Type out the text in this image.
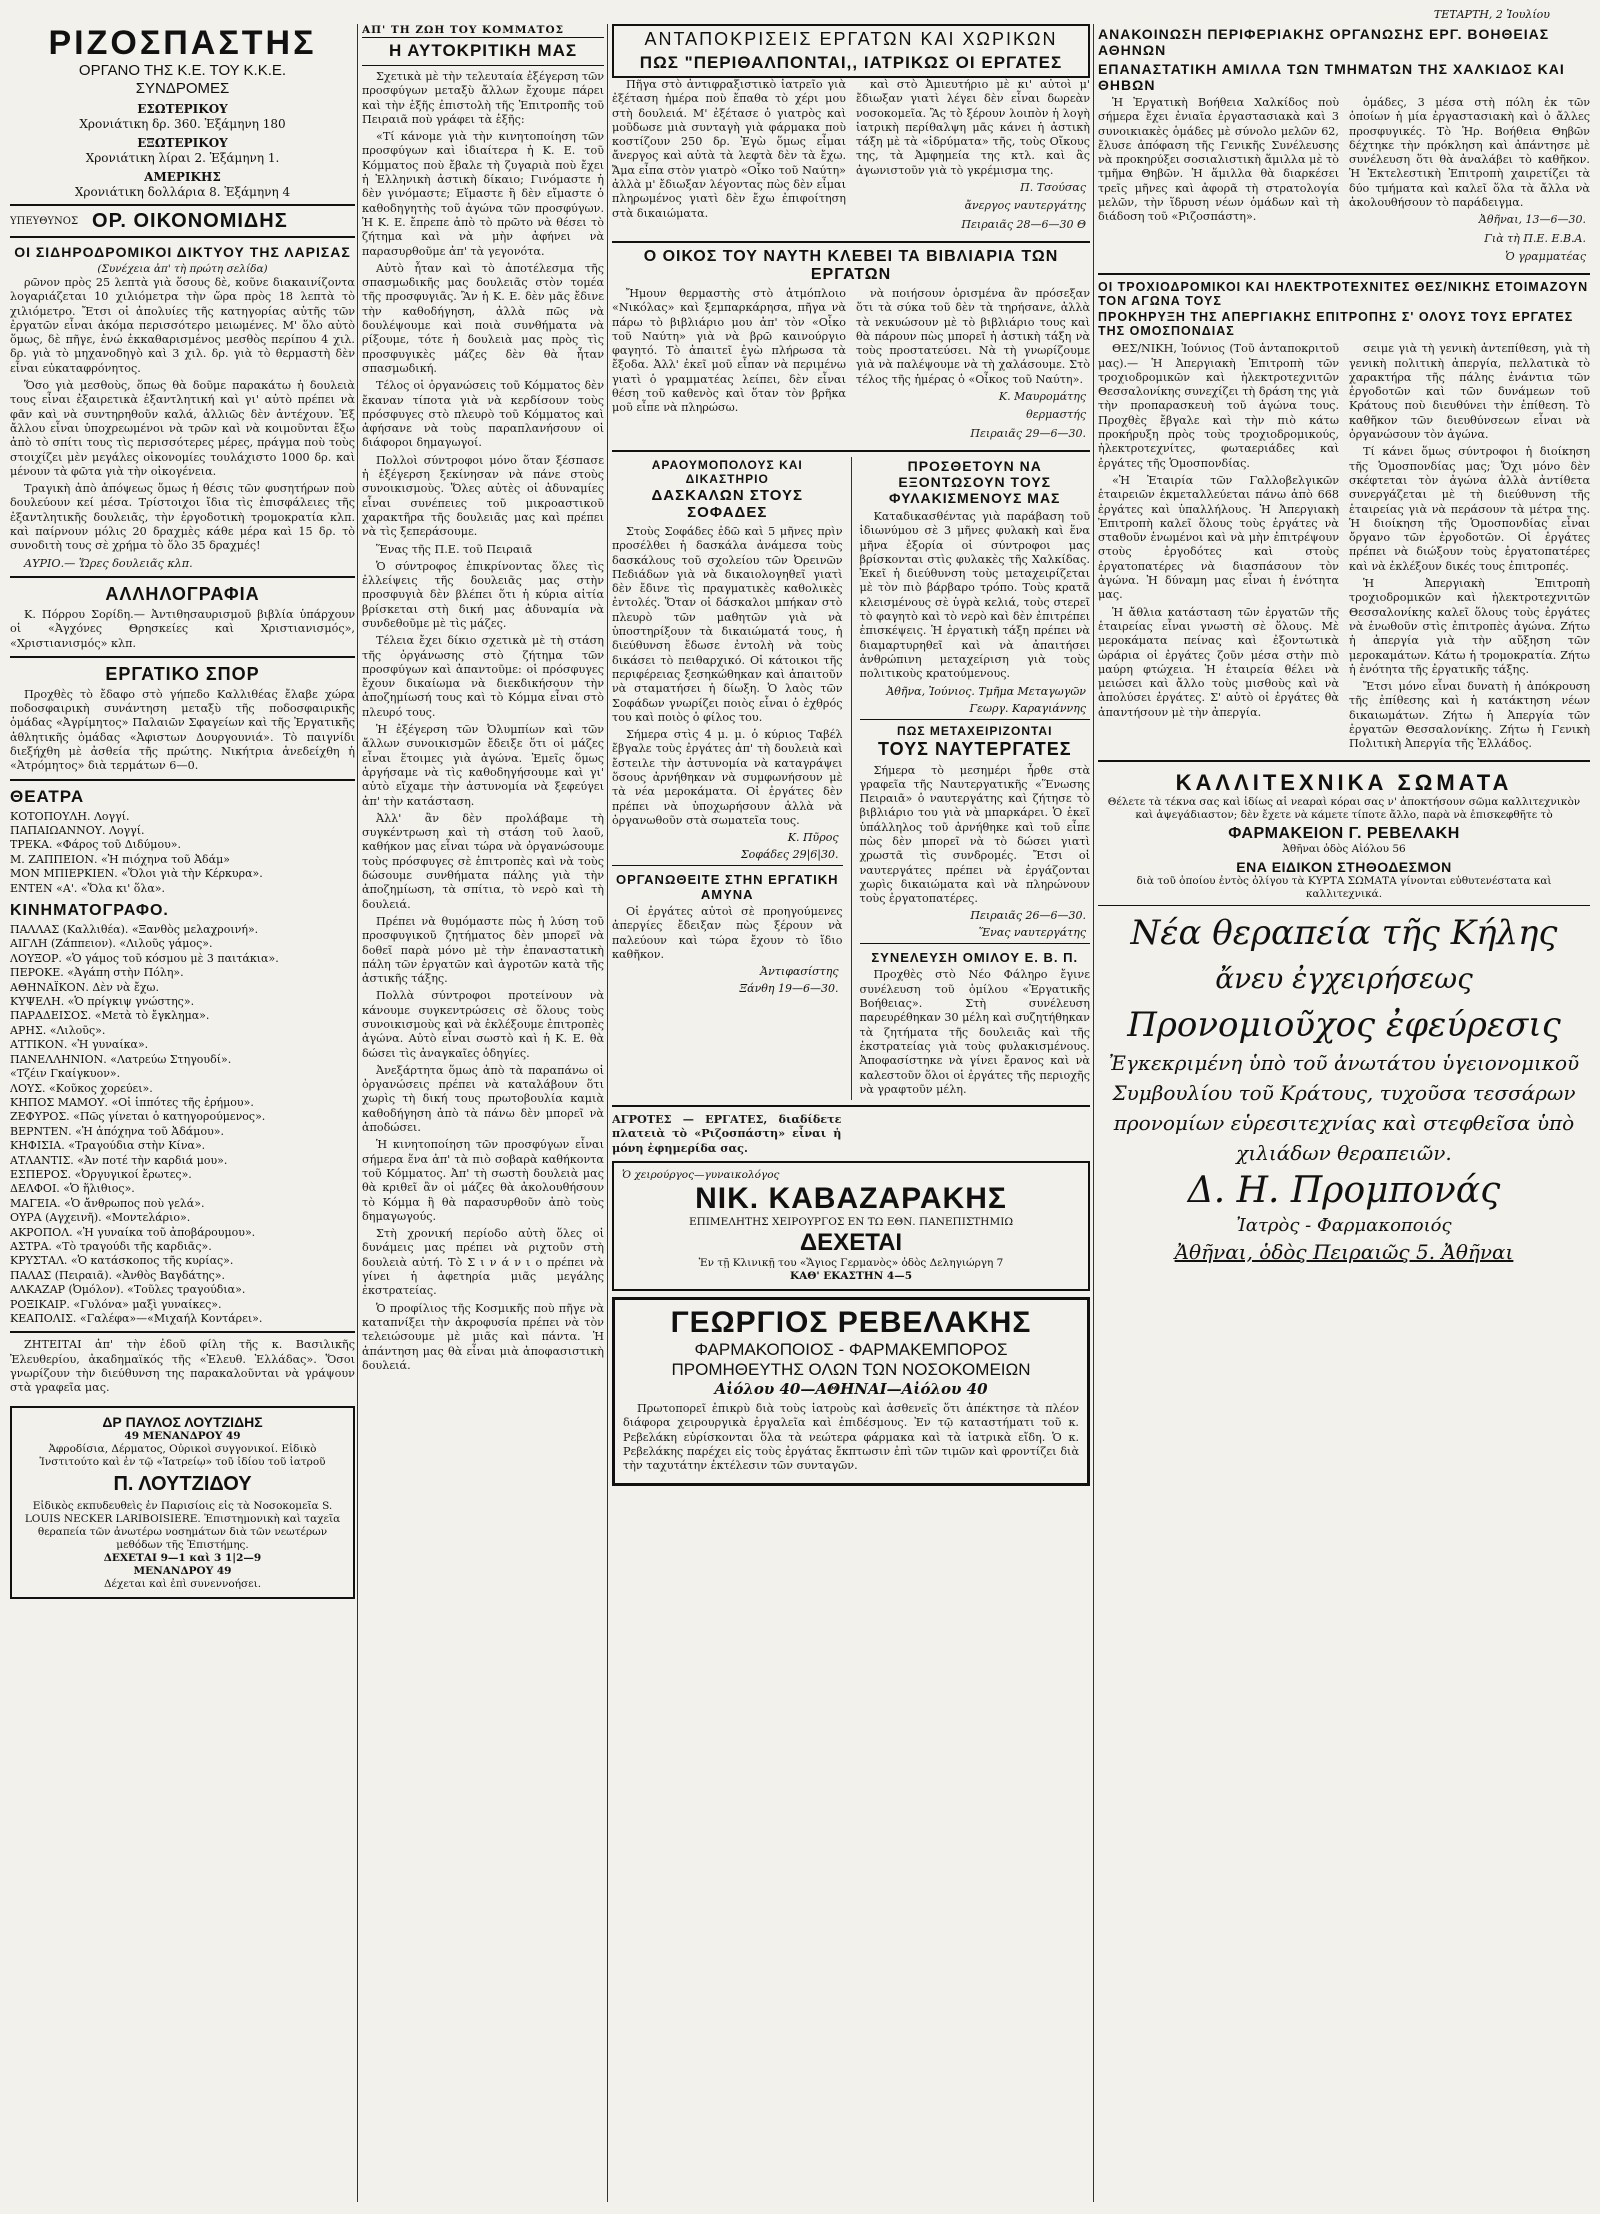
ΤΕΤΑΡΤΗ, 2 Ἰουλίου
ΡΙΖΟΣΠΑΣΤΗΣ
ΟΡΓΑΝΟ ΤΗΣ Κ.Ε. ΤΟΥ Κ.Κ.Ε.
ΣΥΝΔΡΟΜΕΣ
ΕΣΩΤΕΡΙΚΟΥ
Χρονιάτικη δρ. 360. Ἑξάμηνη 180
ΕΞΩΤΕΡΙΚΟΥ
Χρονιάτικη λίραι 2. Ἑξάμηνη 1.
ΑΜΕΡΙΚΗΣ
Χρονιάτικη δολλάρια 8. Ἑξάμηνη 4
ΥΠΕΥΘΥΝΟΣ ΟΡ. ΟΙΚΟΝΟΜΙΔΗΣ
ΟΙ ΣΙΔΗΡΟΔΡΟΜΙΚΟΙ ΔΙΚΤΥΟΥ ΤΗΣ ΛΑΡΙΣΑΣ
(Συνέχεια ἀπ' τὴ πρώτη σελίδα)

ρῶνον πρὸς 25 λεπτὰ γιὰ ὅσους δὲ, κοῦνε διακαινίζοντα λογαριάζεται 10 χιλιόμετρα τὴν ὥρα πρὸς 18 λεπτὰ τὸ χιλιόμετρο. Ἔτσι οἱ ἀπολυίες τῆς κατηγορίας αὐτῆς τῶν ἐργατῶν εἶναι ἀκόμα περισσότερο μειωμένες. Μ' ὅλο αὐτὸ ὅμως, δὲ πῆγε, ἐνώ ἐκκαθαρισμένος μεσθὸς περίπου 4 χιλ. δρ. γιὰ τὸ μηχανοδηγὸ καὶ 3 χιλ. δρ. γιὰ τὸ θερμαστὴ δὲν εἶναι εὐκαταφρόνητος.

Ὅσο γιὰ μεσθοὺς, ὅπως θὰ δοῦμε παρακάτω ἡ δουλειὰ τους εἶναι ἐξαιρετικὰ ἐξαντλητική καὶ γι' αὐτὸ πρέπει νὰ φᾶν καὶ νὰ συντηρηθοῦν καλά, ἀλλιῶς δὲν ἀντέχουν. Ἐξ ἄλλου εἶναι ὑποχρεωμένοι νὰ τρῶν καὶ νὰ κοιμοῦνται ἔξω ἀπὸ τὸ σπίτι τους τὶς περισσότερες μέρες, πράγμα ποὺ τοὺς στοιχίζει μὲν μεγάλες οἰκονομίες τουλάχιστο 1000 δρ. καὶ μένουν τὰ φῶτα γιὰ τὴν οἰκογένεια.

Τραγικὴ ἀπὸ ἀπόψεως ὅμως ἡ θέσις τῶν φυσητήρων ποὺ δουλεύουν κεί μέσα. Τρίστοιχοι ἴδια τὶς ἐπισφάλειες τῆς ἐξαντλητικῆς δουλειᾶς, τὴν ἐργοδοτικὴ τρομοκρατία κλπ. καὶ παίρνουν μόλις 20 δραχμὲς κάθε μέρα καὶ 15 δρ. τὸ συνοδιτὴ τους σὲ χρήμα τὸ ὅλο 35 δραχμές!

ΑΥΡΙΟ.— Ὥρες δουλειᾶς κλπ.

ΑΛΛΗΛΟΓΡΑΦΙΑ

Κ. Πόρρου Σορίδη.— Ἀντιθησαυρισμοῦ βιβλία ὑπάρχουν οἱ «Ἀγχόνες Θρησκείες καὶ Χριστιανισμός», «Χριστιανισμός» κλπ.

ΕΡΓΑΤΙΚΟ ΣΠΟΡ

Προχθὲς τὸ ἔδαφο στὸ γήπεδο Καλλιθέας ἔλαβε χώρα ποδοσφαιρικὴ συνάντηση μεταξὺ τῆς ποδοσφαιρικῆς ὁμάδας «Ἀγρίμητος» Παλαιῶν Σφαγείων καὶ τῆς Ἐργατικῆς ἀθλητικῆς ὁμάδας «Ἀφιστων Δουργουνιά». Τὸ παιγνίδι διεξήχθη μὲ ἀσθεία τῆς πρώτης. Νικήτρια ἀνεδείχθη ἡ «Ἀτρόμητος» διὰ τερμάτων 6—0.

ΘΕΑΤΡΑ
ΚΟΤΟΠΟΥΛΗ. Λογγί.
ΠΑΠΑΙΩΑΝΝΟΥ. Λογγί.
ΤΡΕΚΑ. «Φάρος τοῦ Διδύμου».
Μ. ΖΑΠΠΕΙΟΝ. «Ἡ πιόχηνα τοῦ Ἀδάμ»
ΜΟΝ ΜΠΙΕΡΚΙΕΝ. «Ὅλοι γιὰ τὴν Κέρκυρα».
ΕΝΤΕΝ «Α'. «Ὅλα κι' ὅλα».
ΚΙΝΗΜΑΤΟΓΡΑΦΟ.
ΠΑΛΛΑΣ (Καλλιθέα). «Ξανθὸς μελαχροινή».
ΑΙΓΛΗ (Ζάππειον). «Λιλοῦς γάμος».
ΛΟΥΞΟΡ. «Ὁ γάμος τοῦ κόσμου μὲ 3 παιτάκια».
ΠΕΡΟΚΕ. «Ἀγάπη στὴν Πόλη».
ΑΘΗΝΑΪΚΟΝ. Δὲν νὰ ἔχω.
ΚΥΨΕΛΗ. «Ὁ πρίγκιψ γνώστης».
ΠΑΡΑΔΕΙΣΟΣ. «Μετὰ τὸ ἔγκλημα».
ΑΡΗΣ. «Λιλοῦς».
ΑΤΤΙΚΟΝ. «Ἡ γυναίκα».
ΠΑΝΕΛΛΗΝΙΟΝ. «Λατρεύω Στηγουδί».
«Τζέιν Γκαίγκυον».
ΛΟΥΣ. «Κοῦκος χορεύει».
ΚΗΠΟΣ ΜΑΜΟΥ. «Οἱ ἱππότες τῆς ἐρήμου».
ΖΕΦΥΡΟΣ. «Πῶς γίνεται ὁ κατηγορούμενος».
ΒΕΡΝΤΕΝ. «Ἡ ἀπόχηνα τοῦ Ἀδάμου».
ΚΗΦΙΣΙΑ. «Τραγούδια στὴν Κίνα».
ΑΤΛΑΝΤΙΣ. «Ἀν ποτέ τὴν καρδιά μου».
ΕΣΠΕΡΟΣ. «Ὀργυγικοί ἔρωτες».
ΔΕΛΦΟΙ. «Ὁ ἥλιθιος».
ΜΑΓΕΙΑ. «Ὁ ἄνθρωπος ποὺ γελά».
ΟΥΡΑ (Αγχεινῆ). «Μοντελάριο».
ΑΚΡΟΠΟΛ. «Ἡ γυναίκα τοῦ ἀποβάρουμου».
ΑΣΤΡΑ. «Τὸ τραγούδι τῆς καρδιᾶς».
ΚΡΥΣΤΑΛ. «Ὁ κατάσκοπος τῆς κυρίας».
ΠΑΛΑΣ (Πειραιᾶ). «Ἀνθὸς Βαγδάτης».
ΑΛΚΑΖΑΡ (Ὀμόλον). «Τοῦλες τραγούδια».
ΡΟΞΙΚΑΙΡ. «Γυλόνα» μαξὶ γυναίκες».
ΚΕΑΠΟΛΙΣ. «Γαλέφα»—«Μιχαήλ Κοντάρει».

ΖΗΤΕΙΤΑΙ ἀπ' τὴν ἐδοῦ φίλη τῆς κ. Βασιλικῆς Ἐλευθερίου, ἀκαδημαϊκός τῆς «Ἐλευθ. Ἐλλάδας». Ὅσοι γνωρίζουν τὴν διεύθυνση της παρακαλοῦνται νὰ γράψουν στὰ γραφεῖα μας.

ΔΡ ΠΑΥΛΟΣ ΛΟΥΤΖΙΔΗΣ
49 ΜΕΝΑΝΔΡΟΥ 49
Ἀφροδίσια, Δέρματος, Οὐρικοὶ συγγονικοί. Εἰδικὸ Ἰνστιτούτο καὶ ἐν τῷ «Ἰατρείῳ» τοῦ ἰδίου τοῦ ἰατροῦ
Π. ΛΟΥΤΖΙΔΟΥ
Εἰδικὸς εκπυδευθεὶς ἐν Παρισίοις εἰς τὰ Νοσοκομεῖα S. LOUIS NECKER LARIBOISIERE. Ἐπιστημονικὴ καὶ ταχεῖα θεραπεία τῶν ἀνωτέρω νοσημάτων διὰ τῶν νεωτέρων μεθόδων τῆς Ἐπιστήμης.
ΔΕΧΕΤΑΙ 9—1 καὶ 3 1|2—9
ΜΕΝΑΝΔΡΟΥ 49
Δέχεται καὶ ἐπὶ συνεννοήσει.
ΑΠ' ΤΗ ΖΩΗ ΤΟΥ ΚΟΜΜΑΤΟΣ
Η ΑΥΤΟΚΡΙΤΙΚΗ ΜΑΣ

Σχετικὰ μὲ τὴν τελευταία ἐξέγερση τῶν προσφύγων μεταξὺ ἄλλων ἔχουμε πάρει καὶ τὴν ἑξῆς ἐπιστολὴ τῆς Ἐπιτροπῆς τοῦ Πειραιᾶ ποὺ γράφει τὰ ἑξῆς:

«Τί κάνομε γιὰ τὴν κινητοποίηση τῶν προσφύγων καὶ ἰδιαίτερα ἡ Κ. Ε. τοῦ Κόμματος ποὺ ἔβαλε τὴ ζυγαριὰ ποὺ ἔχει ἡ Ἐλληνικὴ ἀστικὴ δίκαιο; Γινόμαστε ἡ δὲν γινόμαστε; Εἴμαστε ἢ δὲν εἴμαστε ὁ καθοδηγητὴς τοῦ ἀγώνα τῶν προσφύγων. Ἡ Κ. Ε. ἔπρεπε ἀπὸ τὸ πρῶτο νὰ θέσει τὸ ζήτημα καὶ νὰ μὴν ἀφήνει νὰ παρασυρθοῦμε ἀπ' τὰ γεγονότα.

Αὐτὸ ἦταν καὶ τὸ ἀποτέλεσμα τῆς σπασμωδικῆς μας δουλειᾶς στὸν τομέα τῆς προσφυγιᾶς. Ἂν ἡ Κ. Ε. δὲν μᾶς ἔδινε τὴν καθοδήγηση, ἀλλὰ πῶς νὰ δουλέψουμε καὶ ποιὰ συνθήματα νὰ ρίξουμε, τότε ἡ δουλειὰ μας πρὸς τὶς προσφυγικὲς μάζες δὲν θὰ ἦταν σπασμωδική.

Τέλος οἱ ὀργανώσεις τοῦ Κόμματος δὲν ἔκαναν τίποτα γιὰ νὰ κερδίσουν τοὺς πρόσφυγες στὸ πλευρὸ τοῦ Κόμματος καὶ ἀφήσανε νὰ τοὺς παραπλανήσουν οἱ διάφοροι δημαγωγοί.

Πολλοὶ σύντροφοι μόνο ὅταν ξέσπασε ἡ ἐξέγερση ξεκίνησαν νὰ πάνε στοὺς συνοικισμοὺς. Ὅλες αὐτὲς οἱ ἀδυναμίες εἶναι συνέπειες τοῦ μικροαστικοῦ χαρακτῆρα τῆς δουλειᾶς μας καὶ πρέπει νὰ τὶς ξεπεράσουμε.

Ἕνας τῆς Π.Ε. τοῦ Πειραιᾶ

Ὁ σύντροφος ἐπικρίνοντας ὅλες τὶς ἐλλείψεις τῆς δουλειᾶς μας στὴν προσφυγιὰ δὲν βλέπει ὅτι ἡ κύρια αἰτία βρίσκεται στὴ δική μας ἀδυναμία νὰ συνδεθοῦμε μὲ τὶς μάζες.

Τέλεια ἔχει δίκιο σχετικὰ μὲ τὴ στάση τῆς ὀργάνωσης στὸ ζήτημα τῶν προσφύγων καὶ ἀπαντοῦμε: οἱ πρόσφυγες ἔχουν δικαίωμα νὰ διεκδικήσουν τὴν ἀποζημίωσή τους καὶ τὸ Κόμμα εἶναι στὸ πλευρό τους.

Ἡ ἐξέγερση τῶν Ὀλυμπίων καὶ τῶν ἄλλων συνοικισμῶν ἔδειξε ὅτι οἱ μάζες εἶναι ἕτοιμες γιὰ ἀγώνα. Ἐμεῖς ὅμως ἀργήσαμε νὰ τὶς καθοδηγήσουμε καὶ γι' αὐτὸ εἴχαμε τὴν ἀστυνομία νὰ ξεφεύγει ἀπ' τὴν κατάσταση.

Ἀλλ' ἂν δὲν προλάβαμε τὴ συγκέντρωση καὶ τὴ στάση τοῦ λαοῦ, καθήκον μας εἶναι τώρα νὰ ὀργανώσουμε τοὺς πρόσφυγες σὲ ἐπιτροπὲς καὶ νὰ τοὺς δώσουμε συνθήματα πάλης γιὰ τὴν ἀποζημίωση, τὰ σπίτια, τὸ νερὸ καὶ τὴ δουλειά.

Πρέπει νὰ θυμόμαστε πὼς ἡ λύση τοῦ προσφυγικοῦ ζητήματος δὲν μπορεῖ νὰ δοθεῖ παρὰ μόνο μὲ τὴν ἐπαναστατικὴ πάλη τῶν ἐργατῶν καὶ ἀγροτῶν κατὰ τῆς ἀστικῆς τάξης.

Πολλὰ σύντροφοι προτείνουν νὰ κάνουμε συγκεντρώσεις σὲ ὅλους τοὺς συνοικισμοὺς καὶ νὰ ἐκλέξουμε ἐπιτροπὲς ἀγώνα. Αὐτὸ εἶναι σωστὸ καὶ ἡ Κ. Ε. θὰ δώσει τὶς ἀναγκαῖες ὁδηγίες.

Ἀνεξάρτητα ὅμως ἀπὸ τὰ παραπάνω οἱ ὀργανώσεις πρέπει νὰ καταλάβουν ὅτι χωρὶς τὴ δική τους πρωτοβουλία καμιὰ καθοδήγηση ἀπὸ τὰ πάνω δὲν μπορεῖ νὰ ἀποδώσει.

Ἡ κινητοποίηση τῶν προσφύγων εἶναι σήμερα ἕνα ἀπ' τὰ πιὸ σοβαρὰ καθήκοντα τοῦ Κόμματος. Ἀπ' τὴ σωστὴ δουλειὰ μας θὰ κριθεῖ ἂν οἱ μάζες θὰ ἀκολουθήσουν τὸ Κόμμα ἢ θὰ παρασυρθοῦν ἀπὸ τοὺς δημαγωγούς.

Στὴ χρονική περίοδο αὐτὴ ὅλες οἱ δυνάμεις μας πρέπει νὰ ριχτοῦν στὴ δουλειὰ αὐτή. Τὸ Σ ι ν ά ν ι ο πρέπει νὰ γίνει ἡ ἀφετηρία μιᾶς μεγάλης ἐκστρατείας.

Ὁ προφίλιος τῆς Κοσμικῆς ποὺ πῆγε νὰ καταπνίξει τὴν ἀκροφυσία πρέπει νὰ τὸν τελειώσουμε μὲ μιᾶς καὶ πάντα. Ἡ ἀπάντηση μας θὰ εἶναι μιὰ ἀποφασιστικὴ δουλειά.

ΑΝΤΑΠΟΚΡΙΣΕΙΣ ΕΡΓΑΤΩΝ ΚΑΙ ΧΩΡΙΚΩΝ
ΠΩΣ "ΠΕΡΙΘΑΛΠΟΝΤΑΙ,, ΙΑΤΡΙΚΩΣ ΟΙ ΕΡΓΑΤΕΣ

Πῆγα στὸ ἀντιφραξιστικὸ ἰατρεῖο γιὰ ἐξέταση ἡμέρα ποὺ ἔπαθα τὸ χέρι μου στὴ δουλειά. Μ' ἐξέτασε ὁ γιατρὸς καὶ μοῦδωσε μιὰ συνταγὴ γιὰ φάρμακα ποὺ κοστίζουν 250 δρ. Ἐγὼ ὅμως εἶμαι ἄνεργος καὶ αὐτὰ τὰ λεφτὰ δὲν τὰ ἔχω. Ἄμα εἶπα στὸν γιατρὸ «Οἶκο τοῦ Ναύτη» ἀλλὰ μ' ἔδιωξαν λέγοντας πὼς δὲν εἶμαι πληρωμένος γιατὶ δὲν ἔχω ἐπιφοίτηση στὰ δικαιώματα.

καὶ στὸ Ἀμιευτήριο μὲ κι' αὐτοὶ μ' ἔδιωξαν γιατὶ λέγει δὲν εἶναι δωρεὰν νοσοκομεῖα. Ἂς τὸ ξέρουν λοιπὸν ἡ λογὴ ἰατρικὴ περίθαλψη μᾶς κάνει ἡ ἀστικὴ τάξη μὲ τὰ «ἰδρύματα» τῆς, τοὺς Οἴκους της, τὰ Ἀμφημεία της κτλ. καὶ ἂς ἀγωνιστοῦν γιὰ τὸ γκρέμισμα της.

Π. Τσούσας
ἄνεργος ναυτεργάτης
Πειραιᾶς 28—6—30 Θ
Ο ΟΙΚΟΣ ΤΟΥ ΝΑΥΤΗ ΚΛΕΒΕΙ ΤΑ ΒΙΒΛΙΑΡΙΑ ΤΩΝ ΕΡΓΑΤΩΝ

Ἤμουν θερμαστὴς στὸ ἀτμόπλοιο «Νικόλας» καὶ ξεμπαρκάρησα, πῆγα νὰ πάρω τὸ βιβλιάριο μου ἀπ' τὸν «Οἶκο τοῦ Ναύτη» γιὰ νὰ βρῶ καινούργιο φαγητό. Τὸ ἀπαιτεῖ ἐγὼ πλήρωσα τὰ ἔξοδα. Ἀλλ' ἐκεῖ μοῦ εἶπαν νὰ περιμένω γιατὶ ὁ γραμματέας λείπει, δὲν εἶναι θέση τοῦ καθενὸς καὶ ὅταν τὸν βρῆκα μοῦ εἶπε νὰ πληρώσω.

νὰ ποιήσουν ὁρισμένα ἂν πρόσεξαν ὅτι τὰ σύκα τοῦ δὲν τὰ τηρήσανε, ἀλλὰ τὰ νεκυώσουν μὲ τὸ βιβλιάριο τους καὶ θὰ πάρουν πὼς μπορεῖ ἡ ἀστικὴ τάξη νὰ τοὺς προστατεύσει. Νὰ τὴ γνωρίζουμε γιὰ νὰ παλέψουμε νὰ τὴ χαλάσουμε. Στὸ τέλος τῆς ἡμέρας ὁ «Οἶκος τοῦ Ναύτη».

Κ. Μαυρομάτης
θερμαστής
Πειραιᾶς 29—6—30.
ΑΡΑΟΥΜΟΠΟΛΟΥΣ ΚΑΙ ΔΙΚΑΣΤΗΡΙΟ
ΔΑΣΚΑΛΩΝ ΣΤΟΥΣ ΣΟΦΑΔΕΣ

Στοὺς Σοφάδες ἐδῶ καὶ 5 μῆνες πρὶν προσέλθει ἡ δασκάλα ἀνάμεσα τοὺς δασκάλους τοῦ σχολείου τῶν Ὀρεινῶν Πεδιάδων γιὰ νὰ δικαιολογηθεῖ γιατὶ δὲν ἔδινε τὶς πραγματικὲς καθολικὲς ἐντολές. Ὅταν οἱ δάσκαλοι μπήκαν στὸ πλευρὸ τῶν μαθητῶν γιὰ νὰ ὑποστηρίξουν τὰ δικαιώματά τους, ἡ διεύθυνση ἔδωσε ἐντολὴ νὰ τοὺς δικάσει τὸ πειθαρχικό. Οἱ κάτοικοι τῆς περιφέρειας ξεσηκώθηκαν καὶ ἀπαιτοῦν νὰ σταματήσει ἡ δίωξη. Ὁ λαὸς τῶν Σοφάδων γνωρίζει ποιὸς εἶναι ὁ ἐχθρός του καὶ ποιὸς ὁ φίλος του.

Σήμερα στὶς 4 μ. μ. ὁ κύριος Ταβέλ ἔβγαλε τοὺς ἐργάτες ἀπ' τὴ δουλειὰ καὶ ἔστειλε τὴν ἀστυνομία νὰ καταγράψει ὅσους ἀρνήθηκαν νὰ συμφωνήσουν μὲ τὰ νέα μεροκάματα. Οἱ ἐργάτες δὲν πρέπει νὰ ὑποχωρήσουν ἀλλὰ νὰ ὀργανωθοῦν στὰ σωματεῖα τους.

Κ. Πῦρος
Σοφάδες 29|6|30.
ΟΡΓΑΝΩΘΕΙΤΕ ΣΤΗΝ ΕΡΓΑΤΙΚΗ ΑΜΥΝΑ

Οἱ ἐργάτες αὐτοὶ σὲ προηγούμενες ἀπεργίες ἔδειξαν πὼς ξέρουν νὰ παλεύουν καὶ τώρα ἔχουν τὸ ἴδιο καθῆκον.

Ἀντιφασίστης
Ξάνθη 19—6—30.
ΠΡΟΣΘΕΤΟΥΝ ΝΑ ΕΞΟΝΤΩΣΟΥΝ ΤΟΥΣ ΦΥΛΑΚΙΣΜΕΝΟΥΣ ΜΑΣ

Καταδικασθέντας γιὰ παράβαση τοῦ ἰδιωνύμου σὲ 3 μῆνες φυλακὴ καὶ ἕνα μῆνα ἐξορία οἱ σύντροφοι μας βρίσκονται στὶς φυλακὲς τῆς Χαλκίδας. Ἐκεῖ ἡ διεύθυνση τοὺς μεταχειρίζεται μὲ τὸν πιὸ βάρβαρο τρόπο. Τοὺς κρατᾶ κλεισμένους σὲ ὑγρὰ κελιά, τοὺς στερεῖ τὸ φαγητὸ καὶ τὸ νερὸ καὶ δὲν ἐπιτρέπει ἐπισκέψεις. Ἡ ἐργατικὴ τάξη πρέπει νὰ διαμαρτυρηθεῖ καὶ νὰ ἀπαιτήσει ἀνθρώπινη μεταχείριση γιὰ τοὺς πολιτικοὺς κρατούμενους.

Ἀθῆνα, Ἰούνιος. Τμῆμα Μεταγωγῶν
Γεωργ. Καραγιάννης
ΠΩΣ ΜΕΤΑΧΕΙΡΙΖΟΝΤΑΙ
ΤΟΥΣ ΝΑΥΤΕΡΓΑΤΕΣ

Σήμερα τὸ μεσημέρι ἦρθε στὰ γραφεῖα τῆς Ναυτεργατικῆς «Ἕνωσης Πειραιᾶ» ὁ ναυτεργάτης καὶ ζήτησε τὸ βιβλιάριο του γιὰ νὰ μπαρκάρει. Ὁ ἐκεῖ ὑπάλληλος τοῦ ἀρνήθηκε καὶ τοῦ εἶπε πὼς δὲν μπορεῖ νὰ τὸ δώσει γιατὶ χρωστᾶ τὶς συνδρομές. Ἔτσι οἱ ναυτεργάτες πρέπει νὰ ἐργάζονται χωρὶς δικαιώματα καὶ νὰ πληρώνουν τοὺς ἐργατοπατέρες.

Πειραιᾶς 26—6—30.
Ἕνας ναυτεργάτης
ΣΥΝΕΛΕΥΣΗ ΟΜΙΛΟΥ Ε. Β. Π.

Προχθὲς στὸ Νέο Φάληρο ἔγινε συνέλευση τοῦ ὁμίλου «Ἐργατικῆς Βοήθειας». Στὴ συνέλευση παρευρέθηκαν 30 μέλη καὶ συζητήθηκαν τὰ ζητήματα τῆς δουλειᾶς καὶ τῆς ἐκστρατείας γιὰ τοὺς φυλακισμένους. Ἀποφασίστηκε νὰ γίνει ἔρανος καὶ νὰ καλεστοῦν ὅλοι οἱ ἐργάτες τῆς περιοχῆς νὰ γραφτοῦν μέλη.

ΑΓΡΟΤΕΣ — ΕΡΓΑΤΕΣ, διαδίδετε πλατειὰ τὸ «Ριζοσπάστη» εἶναι ἡ μόνη ἐφημερίδα σας.

Ὁ χειρούργος—γυναικολόγος
ΝΙΚ. ΚΑΒΑΖΑΡΑΚΗΣ
ΕΠΙΜΕΛΗΤΗΣ ΧΕΙΡΟΥΡΓΟΣ ΕΝ ΤΩ ΕΘΝ. ΠΑΝΕΠΙΣΤΗΜΙΩ
ΔΕΧΕΤΑΙ
Ἐν τῇ Κλινικῇ του «Ἅγιος Γερμανὸς» ὁδὸς Δεληγιώργη 7
ΚΑΘ' ΕΚΑΣΤΗΝ 4—5
ΓΕΩΡΓΙΟΣ ΡΕΒΕΛΑΚΗΣ
ΦΑΡΜΑΚΟΠΟΙΟΣ - ΦΑΡΜΑΚΕΜΠΟΡΟΣ
ΠΡΟΜΗΘΕΥΤΗΣ ΟΛΩΝ ΤΩΝ ΝΟΣΟΚΟΜΕΙΩΝ
Αἰόλου 40—ΑΘΗΝΑΙ—Αἰόλου 40

Πρωτοπορεῖ ἐπικρὺ διὰ τοὺς ἰατροὺς καὶ ἀσθενεῖς ὅτι ἀπέκτησε τὰ πλέον διάφορα χειρουργικὰ ἐργαλεῖα καὶ ἐπιδέσμους. Ἐν τῷ καταστήματι τοῦ κ. Ρεβελάκη εὑρίσκονται ὅλα τὰ νεώτερα φάρμακα καὶ τὰ ἰατρικὰ εἴδη. Ὁ κ. Ρεβελάκης παρέχει εἰς τοὺς ἐργάτας ἔκπτωσιν ἐπὶ τῶν τιμῶν καὶ φροντίζει διὰ τὴν ταχυτάτην ἐκτέλεσιν τῶν συνταγῶν.

ΑΝΑΚΟΙΝΩΣΗ ΠΕΡΙΦΕΡΙΑΚΗΣ ΟΡΓΑΝΩΣΗΣ ΕΡΓ. ΒΟΗΘΕΙΑΣ ΑΘΗΝΩΝ
ΕΠΑΝΑΣΤΑΤΙΚΗ ΑΜΙΛΛΑ ΤΩΝ ΤΜΗΜΑΤΩΝ ΤΗΣ ΧΑΛΚΙΔΟΣ ΚΑΙ ΘΗΒΩΝ

Ἡ Ἐργατικὴ Βοήθεια Χαλκίδος ποὺ σήμερα ἔχει ἐνιαῖα ἐργαστασιακὰ καὶ 3 συνοικιακὲς ὁμάδες μὲ σύνολο μελῶν 62, ἔλυσε ἀπόφαση τῆς Γενικῆς Συνέλευσης νὰ προκηρύξει σοσιαλιστικὴ ἅμιλλα μὲ τὸ τμῆμα Θηβῶν. Ἡ ἅμιλλα θὰ διαρκέσει τρεῖς μῆνες καὶ ἀφορᾶ τὴ στρατολογία μελῶν, τὴν ἵδρυση νέων ὁμάδων καὶ τὴ διάδοση τοῦ «Ριζοσπάστη».

ὁμάδες, 3 μέσα στὴ πόλη ἐκ τῶν ὁποίων ἡ μία ἐργαστασιακὴ καὶ ὁ ἄλλες προσφυγικές. Τὸ Ἡρ. Βοήθεια Θηβῶν δέχτηκε τὴν πρόκληση καὶ ἀπάντησε μὲ συνέλευση ὅτι θὰ ἀναλάβει τὸ καθῆκον. Ἡ Ἐκτελεστικὴ Ἐπιτροπὴ χαιρετίζει τὰ δύο τμήματα καὶ καλεῖ ὅλα τὰ ἄλλα νὰ ἀκολουθήσουν τὸ παράδειγμα.

Ἀθῆναι, 13—6—30.
Γιὰ τὴ Π.Ε. Ε.Β.Α.
Ὁ γραμματέας
ΟΙ ΤΡΟΧΙΟΔΡΟΜΙΚΟΙ ΚΑΙ ΗΛΕΚΤΡΟΤΕΧΝΙΤΕΣ ΘΕΣ/ΝΙΚΗΣ ΕΤΟΙΜΑΖΟΥΝ ΤΟΝ ΑΓΩΝΑ ΤΟΥΣ
ΠΡΟΚΗΡΥΞΗ ΤΗΣ ΑΠΕΡΓΙΑΚΗΣ ΕΠΙΤΡΟΠΗΣ Σ' ΟΛΟΥΣ ΤΟΥΣ ΕΡΓΑΤΕΣ ΤΗΣ ΟΜΟΣΠΟΝΔΙΑΣ

ΘΕΣ/ΝΙΚΗ, Ἰούνιος (Τοῦ ἀνταποκριτοῦ μας).— Ἡ Ἀπεργιακὴ Ἐπιτροπὴ τῶν τροχιοδρομικῶν καὶ ἠλεκτροτεχνιτῶν Θεσσαλονίκης συνεχίζει τὴ δράση της γιὰ τὴν προπαρασκευὴ τοῦ ἀγώνα τους. Προχθὲς ἔβγαλε καὶ τὴν πιὸ κάτω προκήρυξη πρὸς τοὺς τροχιοδρομικούς, ἠλεκτροτεχνίτες, φωταεριάδες καὶ ἐργάτες τῆς Ὁμοσπονδίας.

«Ἡ Ἐταιρία τῶν Γαλλοβελγικῶν ἑταιρειῶν ἐκμεταλλεύεται πάνω ἀπὸ 668 ἐργάτες καὶ ὑπαλλήλους. Ἡ Ἀπεργιακὴ Ἐπιτροπὴ καλεῖ ὅλους τοὺς ἐργάτες νὰ σταθοῦν ἑνωμένοι καὶ νὰ μὴν ἐπιτρέψουν στοὺς ἐργοδότες καὶ στοὺς ἐργατοπατέρες νὰ διασπάσουν τὸν ἀγώνα. Ἡ δύναμη μας εἶναι ἡ ἑνότητα μας.

Ἡ ἄθλια κατάσταση τῶν ἐργατῶν τῆς ἑταιρείας εἶναι γνωστὴ σὲ ὅλους. Μὲ μεροκάματα πείνας καὶ ἐξοντωτικὰ ὡράρια οἱ ἐργάτες ζοῦν μέσα στὴν πιὸ μαύρη φτώχεια. Ἡ ἑταιρεία θέλει νὰ μειώσει καὶ ἄλλο τοὺς μισθοὺς καὶ νὰ ἀπολύσει ἐργάτες. Σ' αὐτὸ οἱ ἐργάτες θὰ ἀπαντήσουν μὲ τὴν ἀπεργία.

σειμε γιὰ τὴ γενικὴ ἀντεπίθεση, γιὰ τὴ γενικὴ πολιτικὴ ἀπεργία, πελλατικὰ τὸ χαρακτήρα τῆς πάλης ἐνάντια τῶν ἐργοδοτῶν καὶ τῶν δυνάμεων τοῦ Κράτους ποὺ διευθύνει τὴν ἐπίθεση. Τὸ καθῆκον τῶν διευθύνσεων εἶναι νὰ ὀργανώσουν τὸν ἀγώνα.

Τί κάνει ὅμως σύντροφοι ἡ διοίκηση τῆς Ὁμοσπονδίας μας; Ὄχι μόνο δὲν σκέφτεται τὸν ἀγώνα ἀλλὰ ἀντίθετα συνεργάζεται μὲ τὴ διεύθυνση τῆς ἑταιρείας γιὰ νὰ περάσουν τὰ μέτρα της. Ἡ διοίκηση τῆς Ὁμοσπονδίας εἶναι ὄργανο τῶν ἐργοδοτῶν. Οἱ ἐργάτες πρέπει νὰ διώξουν τοὺς ἐργατοπατέρες καὶ νὰ ἐκλέξουν δικές τους ἐπιτροπές.

Ἡ Ἀπεργιακὴ Ἐπιτροπὴ τροχιοδρομικῶν καὶ ἠλεκτροτεχνιτῶν Θεσσαλονίκης καλεῖ ὅλους τοὺς ἐργάτες νὰ ἑνωθοῦν στὶς ἐπιτροπὲς ἀγώνα. Ζήτω ἡ ἀπεργία γιὰ τὴν αὔξηση τῶν μεροκαμάτων. Κάτω ἡ τρομοκρατία. Ζήτω ἡ ἑνότητα τῆς ἐργατικῆς τάξης.

Ἔτσι μόνο εἶναι δυνατὴ ἡ ἀπόκρουση τῆς ἐπίθεσης καὶ ἡ κατάκτηση νέων δικαιωμάτων. Ζήτω ἡ Ἀπεργία τῶν ἐργατῶν Θεσσαλονίκης. Ζήτω ἡ Γενικὴ Πολιτικὴ Ἀπεργία τῆς Ἑλλάδος.

ΚΑΛΛΙΤΕΧΝΙΚΑ ΣΩΜΑΤΑ
Θέλετε τὰ τέκνα σας καὶ ἰδίως αἱ νεαραὶ κόραι σας ν' ἀποκτήσουν σῶμα καλλιτεχνικὸν καὶ ἀψεγάδιαστον; δὲν ἔχετε νὰ κάμετε τίποτε ἄλλο, παρὰ νὰ ἐπισκεφθῆτε τὸ
ΦΑΡΜΑΚΕΙΟΝ Γ. ΡΕΒΕΛΑΚΗ
Ἀθῆναι ὁδὸς Αἰόλου 56
ΕΝΑ ΕΙΔΙΚΟΝ ΣΤΗΘΟΔΕΣΜΟΝ
διὰ τοῦ ὁποίου ἐντὸς ὀλίγου τὰ ΚΥΡΤΑ ΣΩΜΑΤΑ γίνονται εὐθυτενέστατα καὶ καλλιτεχνικά.
Νέα θεραπεία τῆς Κήλης
ἄνευ ἐγχειρήσεως
Προνομιοῦχος ἐφεύρεσις
Ἐγκεκριμένη ὑπὸ τοῦ ἀνωτάτου ὑγειονομικοῦ Συμβουλίου τοῦ Κράτους, τυχοῦσα τεσσάρων προνομίων εὑρεσιτεχνίας καὶ στεφθεῖσα ὑπὸ χιλιάδων θεραπειῶν.
Δ. Η. Προμπονάς
Ἰατρὸς - Φαρμακοποιός
Ἀθῆναι, ὁδὸς Πειραιῶς 5. Ἀθῆναι
